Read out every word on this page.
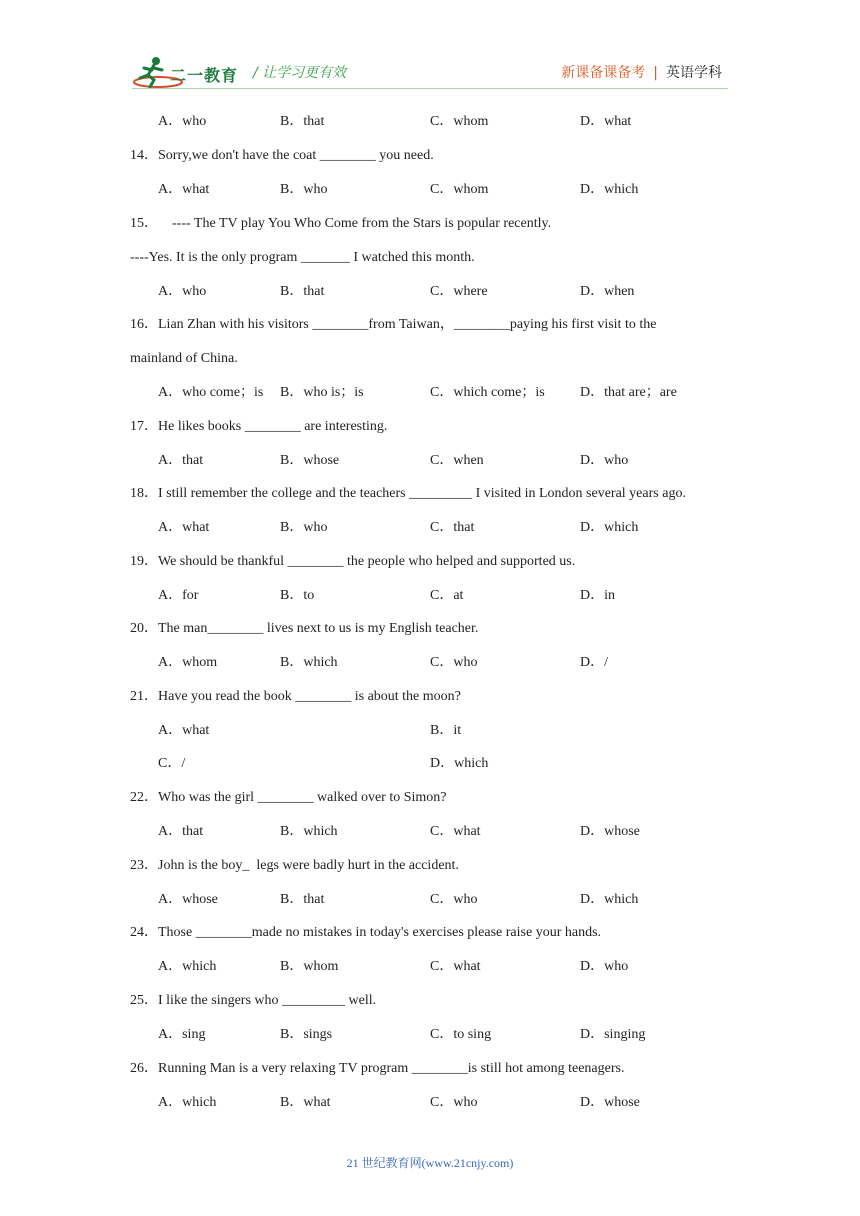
二一教育 / 让学习更有效	新课备课备考 | 英语学科
A．who	B．that	C．whom	D．what
14．Sorry,we don't have the coat ________ you need.
A．what	B．who	C．whom	D．which
15．    ---- The TV play You Who Come from the Stars is popular recently.
----Yes. It is the only program _______ I watched this month.
A．who	B．that	C．where	D．when
16．Lian Zhan with his visitors ________from Taiwan，________paying his first visit to the
mainland of China.
A．who come；is B．who is；is	C．which come；is	D．that are；are
17．He likes books ________ are interesting.
A．that	B．whose	C．when	D．who
18．I still remember the college and the teachers _________ I visited in London several years ago.
A．what	B．who	C．that	D．which
19．We should be thankful ________ the people who helped and supported us.
A．for	B．to	C．at	D．in
20．The man________ lives next to us is my English teacher.
A．whom	B．which	C．who	D．/
21．Have you read the book ________ is about the moon?
A．what	B．it
C．/	D．which
22．Who was the girl ________ walked over to Simon?
A．that	B．which	C．what	D．whose
23．John is the boy_  legs were badly hurt in the accident.
A．whose	B．that	C．who	D．which
24．Those ________made no mistakes in today's exercises please raise your hands.
A．which	B．whom	C．what	D．who
25．I like the singers who _________ well.
A．sing	B．sings	C．to sing	D．singing
26．Running Man is a very relaxing TV program ________is still hot among teenagers.
A．which	B．what	C．who	D．whose
21 世纪教育网(www.21cnjy.com)
